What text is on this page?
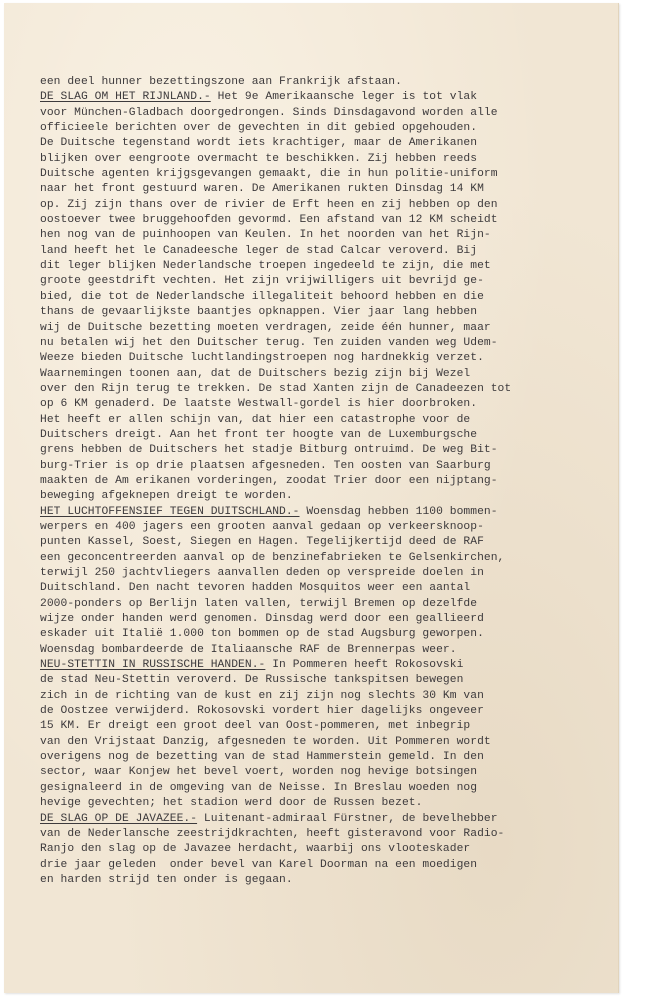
een deel hunner bezettingszone aan Frankrijk afstaan.
DE SLAG OM HET RIJNLAND.- Het 9e Amerikaansche leger is tot vlak
voor München-Gladbach doorgedrongen. Sinds Dinsdagavond worden alle
officieele berichten over de gevechten in dit gebied opgehouden.
De Duitsche tegenstand wordt iets krachtiger, maar de Amerikanen
blijken over eengroote overmacht te beschikken. Zij hebben reeds
Duitsche agenten krijgsgevangen gemaakt, die in hun politie-uniform
naar het front gestuurd waren. De Amerikanen rukten Dinsdag 14 KM
op. Zij zijn thans over de rivier de Erft heen en zij hebben op den
oostoever twee bruggehoofden gevormd. Een afstand van 12 KM scheidt
hen nog van de puinhoopen van Keulen. In het noorden van het Rijn-
land heeft het le Canadeesche leger de stad Calcar veroverd. Bij
dit leger blijken Nederlandsche troepen ingedeeld te zijn, die met
groote geestdrift vechten. Het zijn vrijwilligers uit bevrijd ge-
bied, die tot de Nederlandsche illegaliteit behoord hebben en die
thans de gevaarlijkste baantjes opknappen. Vier jaar lang hebben
wij de Duitsche bezetting moeten verdragen, zeide één hunner, maar
nu betalen wij het den Duitscher terug. Ten zuiden vanden weg Udem-
Weeze bieden Duitsche luchtlandingstroepen nog hardnekkig verzet.
Waarnemingen toonen aan, dat de Duitschers bezig zijn bij Wezel
over den Rijn terug te trekken. De stad Xanten zijn de Canadeezen tot
op 6 KM genaderd. De laatste Westwall-gordel is hier doorbroken.
Het heeft er allen schijn van, dat hier een catastrophe voor de
Duitschers dreigt. Aan het front ter hoogte van de Luxemburgsche
grens hebben de Duitschers het stadje Bitburg ontruimd. De weg Bit-
burg-Trier is op drie plaatsen afgesneden. Ten oosten van Saarburg
maakten de Am erikanen vorderingen, zoodat Trier door een nijptang-
beweging afgeknepen dreigt te worden.
HET LUCHTOFFENSIEF TEGEN DUITSCHLAND.- Woensdag hebben 1100 bommen-
werpers en 400 jagers een grooten aanval gedaan op verkeersknoop-
punten Kassel, Soest, Siegen en Hagen. Tegelijkertijd deed de RAF
een geconcentreerden aanval op de benzinefabrieken te Gelsenkirchen,
terwijl 250 jachtvliegers aanvallen deden op verspreide doelen in
Duitschland. Den nacht tevoren hadden Mosquitos weer een aantal
2000-ponders op Berlijn laten vallen, terwijl Bremen op dezelfde
wijze onder handen werd genomen. Dinsdag werd door een geallieerd
eskader uit Italië 1.000 ton bommen op de stad Augsburg geworpen.
Woensdag bombardeerde de Italiaansche RAF de Brennerpas weer.
NEU-STETTIN IN RUSSISCHE HANDEN.- In Pommeren heeft Rokosovski
de stad Neu-Stettin veroverd. De Russische tankspitsen bewegen
zich in de richting van de kust en zij zijn nog slechts 30 Km van
de Oostzee verwijderd. Rokosovski vordert hier dagelijks ongeveer
15 KM. Er dreigt een groot deel van Oost-pommeren, met inbegrip
van den Vrijstaat Danzig, afgesneden te worden. Uit Pommeren wordt
overigens nog de bezetting van de stad Hammerstein gemeld. In den
sector, waar Konjew het bevel voert, worden nog hevige botsingen
gesignaleerd in de omgeving van de Neisse. In Breslau woeden nog
hevige gevechten; het stadion werd door de Russen bezet.
DE SLAG OP DE JAVAZEE.- Luitenant-admiraal Fürstner, de bevelhebber
van de Nederlansche zeestrijdkrachten, heeft gisteravond voor Radio-
Ranjo den slag op de Javazee herdacht, waarbij ons vlooteskader
drie jaar geleden  onder bevel van Karel Doorman na een moedigen
en harden strijd ten onder is gegaan.
